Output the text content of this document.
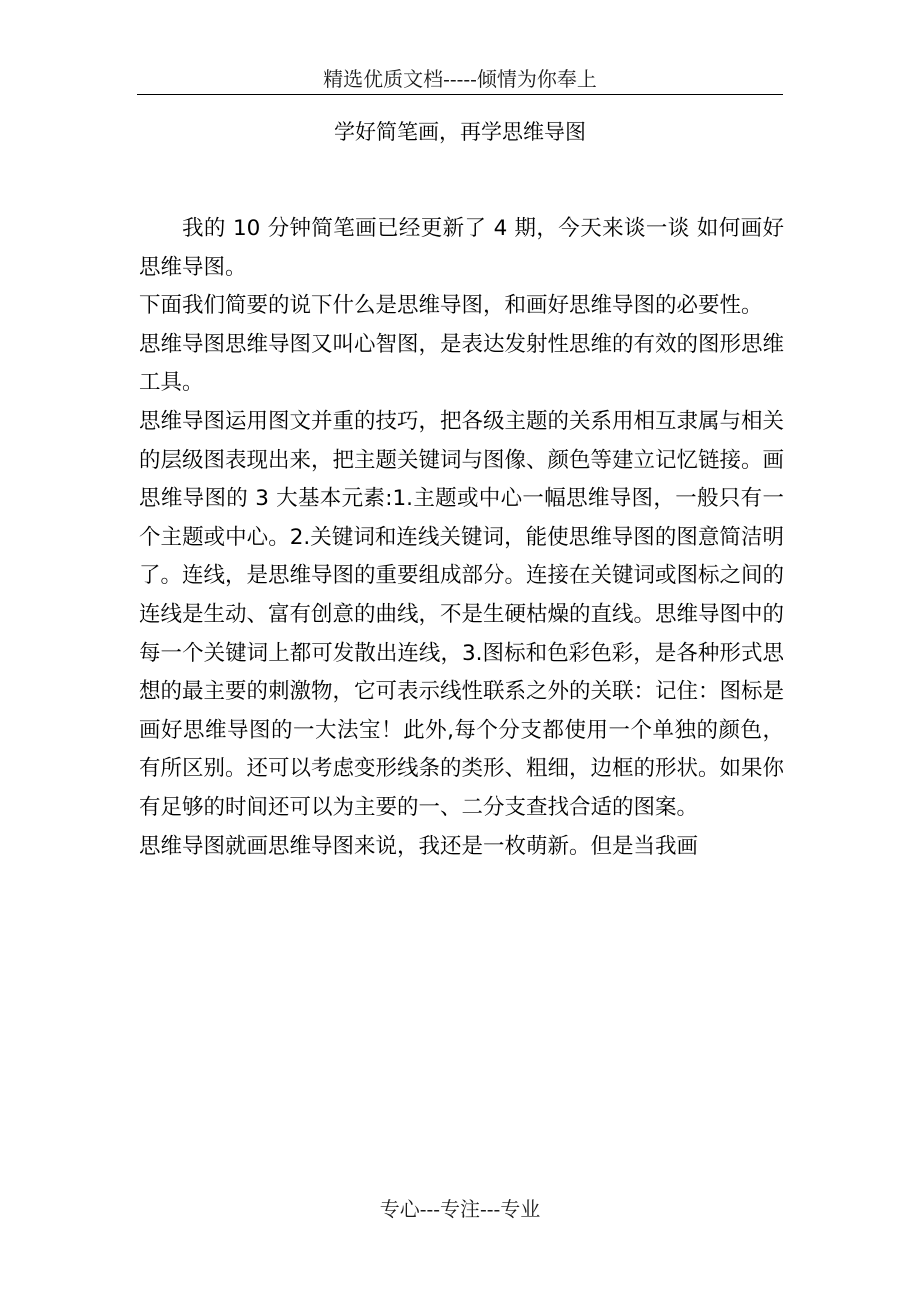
精选优质文档-----倾情为你奉上
学好简笔画，再学思维导图

我的 10 分钟简笔画已经更新了 4 期，今天来谈一谈 如何画好思维导图。

下面我们简要的说下什么是思维导图，和画好思维导图的必要性。

思维导图思维导图又叫心智图，是表达发射性思维的有效的图形思维工具。

思维导图运用图文并重的技巧，把各级主题的关系用相互隶属与相关的层级图表现出来，把主题关键词与图像、颜色等建立记忆链接。画思维导图的 3 大基本元素:1.主题或中心一幅思维导图，一般只有一个主题或中心。2.关键词和连线关键词，能使思维导图的图意简洁明了。连线，是思维导图的重要组成部分。连接在关键词或图标之间的连线是生动、富有创意的曲线，不是生硬枯燥的直线。思维导图中的每一个关键词上都可发散出连线，3.图标和色彩色彩，是各种形式思想的最主要的刺激物，它可表示线性联系之外的关联：记住：图标是画好思维导图的一大法宝！此外,每个分支都使用一个单独的颜色，有所区别。还可以考虑变形线条的类形、粗细，边框的形状。如果你有足够的时间还可以为主要的一、二分支查找合适的图案。

思维导图就画思维导图来说，我还是一枚萌新。但是当我画

专心---专注---专业
